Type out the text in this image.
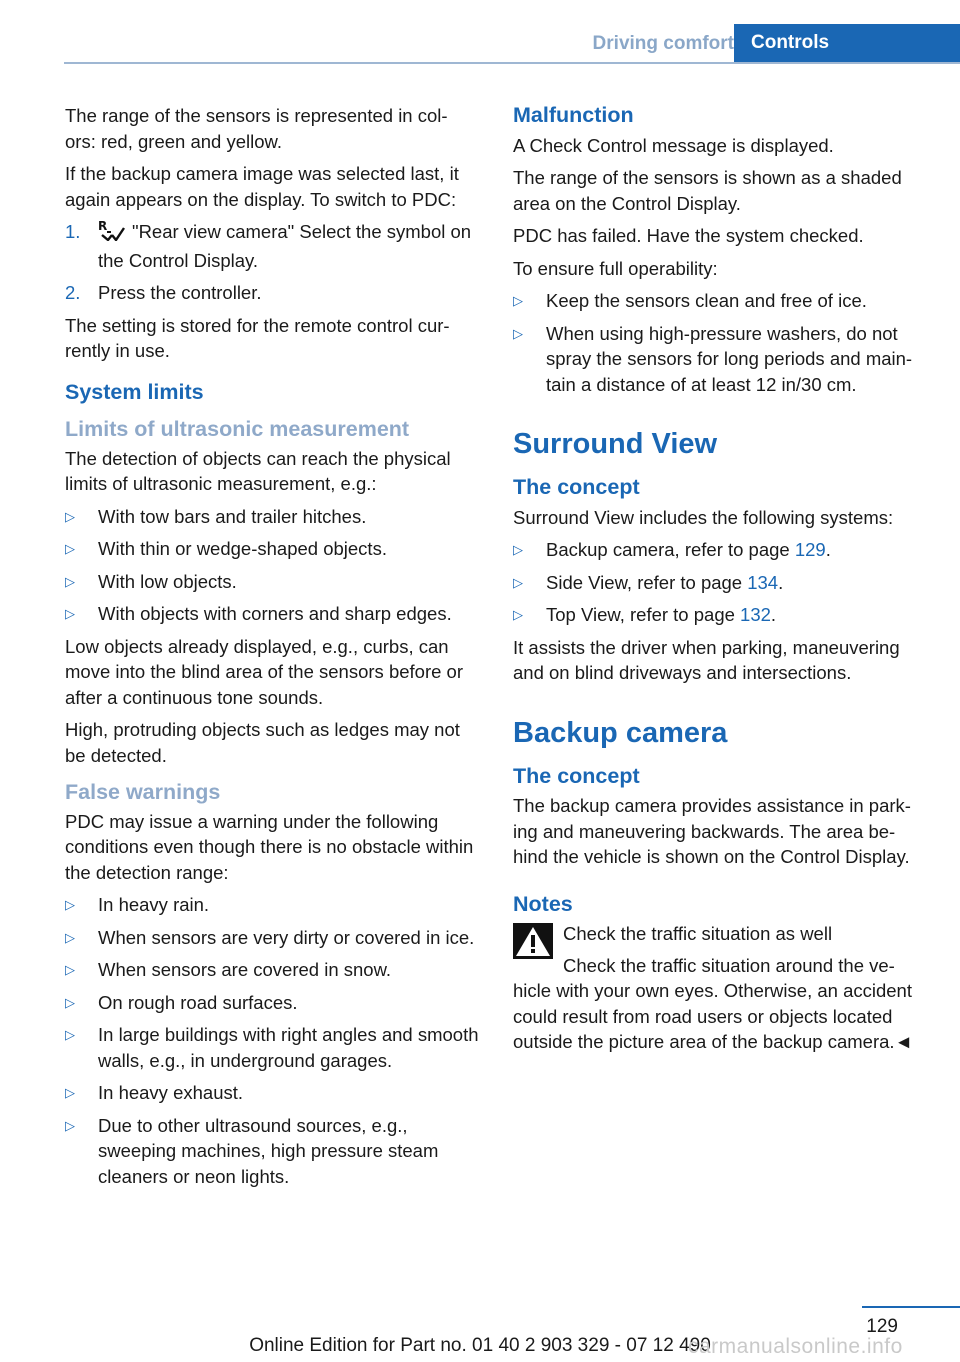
Driving comfort Controls

The range of the sensors is represented in col- ors: red, green and yellow.

If the backup camera image was selected last, it again appears on the display. To switch to PDC:

1. R "Rear view camera" Select the symbol on the Control Display.
2. Press the controller.

The setting is stored for the remote control cur- rently in use.

System limits
Limits of ultrasonic measurement

The detection of objects can reach the physical limits of ultrasonic measurement, e.g.:

▷ With tow bars and trailer hitches.
▷ With thin or wedge-shaped objects.
▷ With low objects.
▷ With objects with corners and sharp edges.

Low objects already displayed, e.g., curbs, can move into the blind area of the sensors before or after a continuous tone sounds.

High, protruding objects such as ledges may not be detected.

False warnings

PDC may issue a warning under the following conditions even though there is no obstacle within the detection range:

▷ In heavy rain.
▷ When sensors are very dirty or covered in ice.
▷ When sensors are covered in snow.
▷ On rough road surfaces.
▷ In large buildings with right angles and smooth walls, e.g., in underground garages.
▷ In heavy exhaust.
▷ Due to other ultrasound sources, e.g., sweeping machines, high pressure steam cleaners or neon lights.
Malfunction

A Check Control message is displayed.

The range of the sensors is shown as a shaded area on the Control Display.

PDC has failed. Have the system checked.

To ensure full operability:

▷ Keep the sensors clean and free of ice.
▷ When using high-pressure washers, do not spray the sensors for long periods and main- tain a distance of at least 12 in/30 cm.
Surround View
The concept

Surround View includes the following systems:

▷ Backup camera, refer to page 129.
▷ Side View, refer to page 134.
▷ Top View, refer to page 132.

It assists the driver when parking, maneuvering and on blind driveways and intersections.

Backup camera
The concept

The backup camera provides assistance in park- ing and maneuvering backwards. The area be- hind the vehicle is shown on the Control Display.

Notes

Check the traffic situation as well

Check the traffic situation around the ve- hicle with your own eyes. Otherwise, an accident could result from road users or objects located outside the picture area of the backup camera.◄

129
Online Edition for Part no. 01 40 2 903 329 - 07 12 490
carmanualsonline.info
